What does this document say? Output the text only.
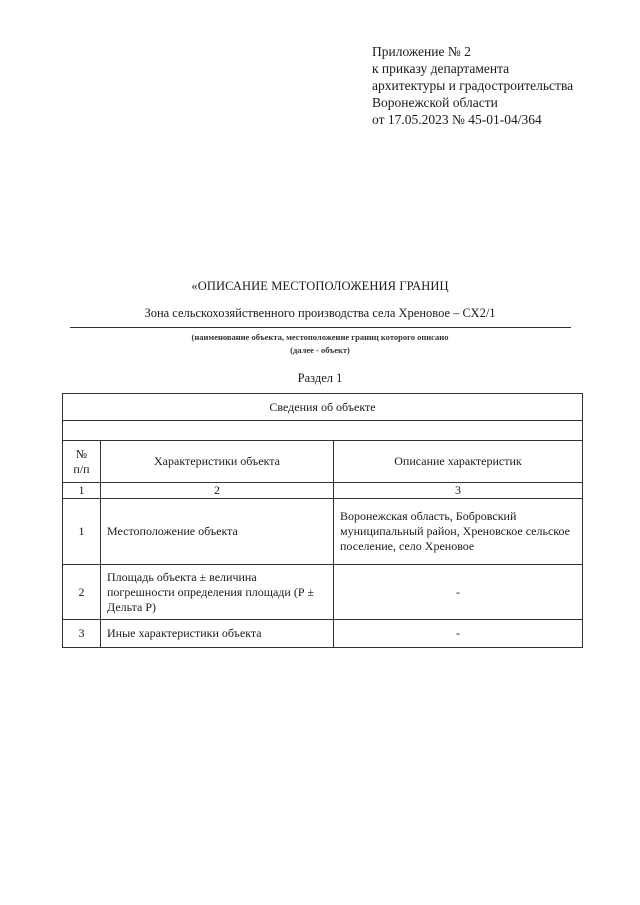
Приложение № 2
к приказу департамента
архитектуры и градостроительства
Воронежской области
от 17.05.2023 № 45-01-04/364
«ОПИСАНИЕ МЕСТОПОЛОЖЕНИЯ ГРАНИЦ
Зона сельскохозяйственного производства села Хреновое – СХ2/1
(наименование объекта, местоположение границ которого описано
(далее - объект)
Раздел 1
Сведения об объекте		

№
п/п	Характеристики объекта	Описание характеристик
1	2	3
1	Местоположение объекта	Воронежская область, Бобровский муниципальный район, Хреновское сельское поселение, село Хреновое
2	Площадь объекта ± величина погрешности определения площади (Р ± Дельта Р)	-
3	Иные характеристики объекта	-
